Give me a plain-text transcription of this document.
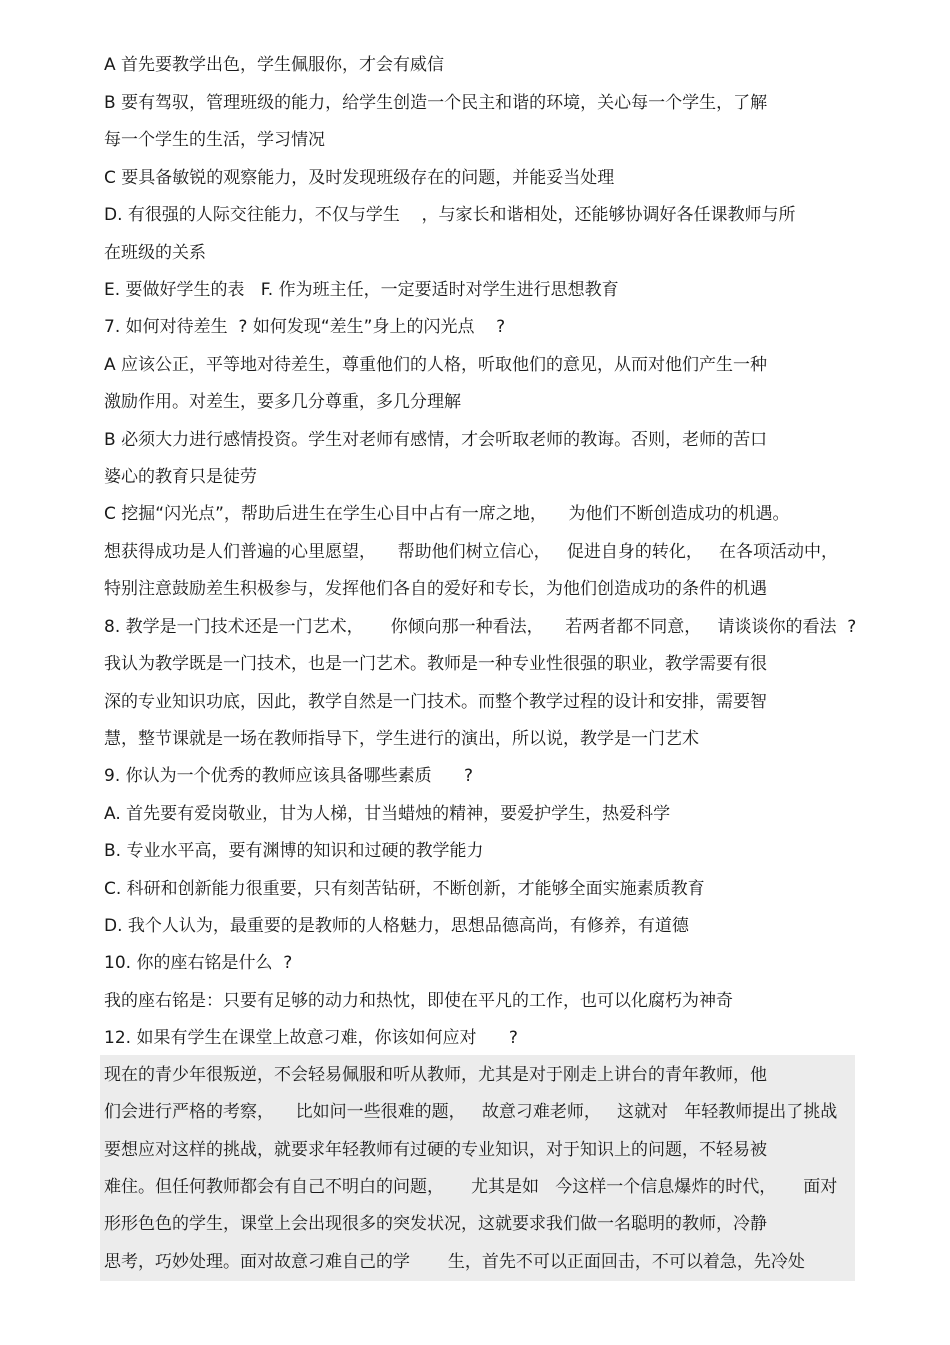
A 首先要教学出色，学生佩服你，才会有威信
B 要有驾驭，管理班级的能力，给学生创造一个民主和谐的环境，关心每一个学生，了解
每一个学生的生活，学习情况
C 要具备敏锐的观察能力，及时发现班级存在的问题，并能妥当处理
D. 有很强的人际交往能力，不仅与学生    ，与家长和谐相处，还能够协调好各任课教师与所
在班级的关系
E. 要做好学生的表   F. 作为班主任，一定要适时对学生进行思想教育
7. 如何对待差生  ? 如何发现“差生”身上的闪光点    ?
A 应该公正，平等地对待差生，尊重他们的人格，听取他们的意见，从而对他们产生一种
激励作用。对差生，要多几分尊重，多几分理解
B 必须大力进行感情投资。学生对老师有感情，才会听取老师的教诲。否则，老师的苦口
婆心的教育只是徒劳
C 挖掘“闪光点”，帮助后进生在学生心目中占有一席之地，    为他们不断创造成功的机遇。
想获得成功是人们普遍的心里愿望，    帮助他们树立信心，   促进自身的转化，   在各项活动中，
特别注意鼓励差生积极参与，发挥他们各自的爱好和专长，为他们创造成功的条件的机遇
8. 教学是一门技术还是一门艺术，     你倾向那一种看法，    若两者都不同意，   请谈谈你的看法  ?
我认为教学既是一门技术，也是一门艺术。教师是一种专业性很强的职业，教学需要有很
深的专业知识功底，因此，教学自然是一门技术。而整个教学过程的设计和安排，需要智
慧，整节课就是一场在教师指导下，学生进行的演出，所以说，教学是一门艺术
9. 你认为一个优秀的教师应该具备哪些素质      ?
A. 首先要有爱岗敬业，甘为人梯，甘当蜡烛的精神，要爱护学生，热爱科学
B. 专业水平高，要有渊博的知识和过硬的教学能力
C. 科研和创新能力很重要，只有刻苦钻研，不断创新，才能够全面实施素质教育
D. 我个人认为，最重要的是教师的人格魅力，思想品德高尚，有修养，有道德
10. 你的座右铭是什么  ?
我的座右铭是：只要有足够的动力和热忱，即使在平凡的工作，也可以化腐朽为神奇
12. 如果有学生在课堂上故意刁难，你该如何应对      ?
现在的青少年很叛逆，不会轻易佩服和听从教师，尤其是对于刚走上讲台的青年教师，他
们会进行严格的考察，    比如问一些很难的题，   故意刁难老师，   这就对   年轻教师提出了挑战
要想应对这样的挑战，就要求年轻教师有过硬的专业知识，对于知识上的问题，不轻易被
难住。但任何教师都会有自己不明白的问题，     尤其是如   今这样一个信息爆炸的时代，     面对
形形色色的学生，课堂上会出现很多的突发状况，这就要求我们做一名聪明的教师，冷静
思考，巧妙处理。面对故意刁难自己的学       生，首先不可以正面回击，不可以着急，先冷处
